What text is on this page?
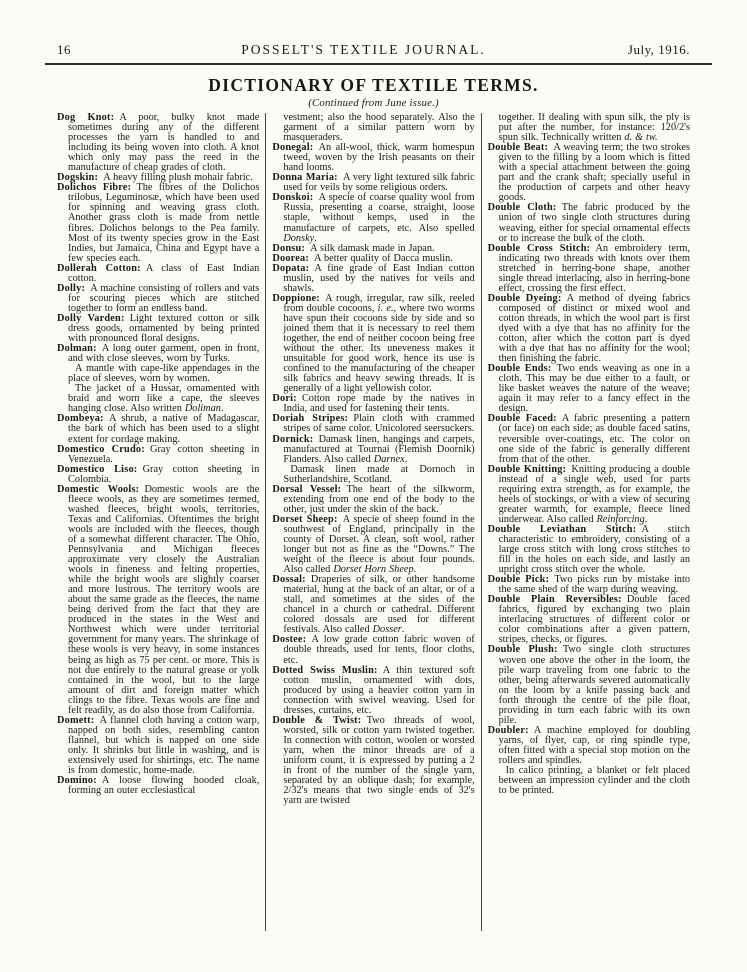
16	POSSELT'S TEXTILE JOURNAL.	July, 1916.
DICTIONARY OF TEXTILE TERMS.
(Continued from June issue.)

Dog Knot:  A poor, bulky knot made sometimes during any of the different processes the yarn is handled to and including its being woven into cloth. A knot which only may pass the reed in the manufacture of cheap grades of cloth.

Dogskin:  A heavy filling plush mohair fabric.

Dolichos Fibre:  The fibres of the Dolichos trilobus, Leguminosæ, which have been used for spinning and weaving grass cloth. Another grass cloth is made from nettle fibres. Dolichos belongs to the Pea family. Most of its twenty species grow in the East Indies, but Jamaica, China and Egypt have a few species each.

Dollerah Cotton:  A class of East Indian cotton.

Dolly:  A machine consisting of rollers and vats for scouring pieces which are stitched together to form an endless band.

Dolly Varden:  Light textured cotton or silk dress goods, ornamented by being printed with pronounced floral designs.

Dolman:  A long outer garment, open in front, and with close sleeves, worn by Turks.

A mantle with cape-like appendages in the place of sleeves, worn by women.

The jacket of a Hussar, ornamented with braid and worn like a cape, the sleeves hanging close. Also written Doliman.

Dombeya:  A shrub, a native of Madagascar, the bark of which has been used to a slight extent for cordage making.

Domestico Crudo:  Gray cotton sheeting in Venezuela.

Domestico Liso:  Gray cotton sheeting in Colombia.

Domestic Wools:  Domestic wools are the fleece wools, as they are sometimes termed, washed fleeces, bright wools, territories, Texas and Californias. Oftentimes the bright wools are included with the fleeces, though of a somewhat different character. The Ohio, Pennsylvania and Michigan fleeces approximate very closely the Australian wools in fineness and felting properties, while the bright wools are slightly coarser and more lustrous. The territory wools are about the same grade as the fleeces, the name being derived from the fact that they are produced in the states in the West and Northwest which were under territorial government for many years. The shrinkage of these wools is very heavy, in some instances being as high as 75 per cent. or more. This is not due entirely to the natural grease or yolk contained in the wool, but to the large amount of dirt and foreign matter which clings to the fibre. Texas wools are fine and felt readily, as do also those from California.

Domett:  A flannel cloth having a cotton warp, napped on both sides, resembling canton flannel, but which is napped on one side only. It shrinks but little in washing, and is extensively used for shirtings, etc. The name is from domestic, home-made.

Domino:  A loose flowing hooded cloak, forming an outer ecclesiastical

vestment; also the hood separately. Also the garment of a similar pattern worn by masqueraders.

Donegal:  An all-wool, thick, warm homespun tweed, woven by the Irish peasants on their hand looms.

Donna Maria:  A very light textured silk fabric used for veils by some religious orders.

Donskoi:  A specie of coarse quality wool from Russia, presenting a coarse, straight, loose staple, without kemps, used in the manufacture of carpets, etc. Also spelled Donsky.

Donsu:  A silk damask made in Japan.

Doorea:  A better quality of Dacca muslin.

Dopata:  A fine grade of East Indian cotton muslin, used by the natives for veils and shawls.

Doppione:  A rough, irregular, raw silk, reeled from double cocoons, i. e., where two worms have spun their cocoons side by side and so joined them that it is necessary to reel them together, the end of neither cocoon being free without the other. Its uneveness makes it unsuitable for good work, hence its use is confined to the manufacturing of the cheaper silk fabrics and heavy sewing threads. It is generally of a light yellowish color.

Dori:  Cotton rope made by the natives in India, and used for fastening their tents.

Doriah Stripes:  Plain cloth with crammed stripes of same color. Unicolored seersuckers.

Dornick:  Damask linen, hangings and carpets, manufactured at Tournai (Flemish Doornik) Flanders. Also called Darnex.

Damask linen made at Dornoch in Sutherlandshire, Scotland.

Dorsal Vessel:  The heart of the silkworm, extending from one end of the body to the other, just under the skin of the back.

Dorset Sheep:  A specie of sheep found in the southwest of England, principally in the county of Dorset. A clean, soft wool, rather longer but not as fine as the “Downs.” The weight of the fleece is about four pounds. Also called Dorset Horn Sheep.

Dossal:  Draperies of silk, or other handsome material, hung at the back of an altar, or of a stall, and sometimes at the sides of the chancel in a church or cathedral. Different colored dossals are used for different festivals. Also called Dosser.

Dostee:  A low grade cotton fabric woven of double threads, used for tents, floor cloths, etc.

Dotted Swiss Muslin:  A thin textured soft cotton muslin, ornamented with dots, produced by using a heavier cotton yarn in connection with swivel weaving. Used for dresses, curtains, etc.

Double & Twist:  Two threads of wool, worsted, silk or cotton yarn twisted together. In connection with cotton, woolen or worsted yarn, when the minor threads are of a uniform count, it is expressed by putting a 2 in front of the number of the single yarn, separated by an oblique dash; for example, 2/32's means that two single ends of 32's yarn are twisted

together. If dealing with spun silk, the ply is put after the number, for instance: 120/2's spun silk. Technically written d. & tw.

Double Beat:  A weaving term; the two strokes given to the filling by a loom which is fitted with a special attachment between the going part and the crank shaft; specially useful in the production of carpets and other heavy goods.

Double Cloth:  The fabric produced by the union of two single cloth structures during weaving, either for special ornamental effects or to increase the bulk of the cloth.

Double Cross Stitch:  An embroidery term, indicating two threads with knots over them stretched in herring-bone shape, another single thread interlacing, also in herring-bone effect, crossing the first effect.

Double Dyeing:  A method of dyeing fabrics composed of distinct or mixed wool and cotton threads, in which the wool part is first dyed with a dye that has no affinity for the cotton, after which the cotton part is dyed with a dye that has no affinity for the wool; then finishing the fabric.

Double Ends:  Two ends weaving as one in a cloth. This may be due either to a fault, or like basket weaves the nature of the weave; again it may refer to a fancy effect in the design.

Double Faced:  A fabric presenting a pattern (or face) on each side; as double faced satins, reversible over-coatings, etc. The color on one side of the fabric is generally different from that of the other.

Double Knitting:  Knitting producing a double instead of a single web, used for parts requiring extra strength, as for example, the heels of stockings, or with a view of securing greater warmth, for example, fleece lined underwear. Also called Reinforcing.

Double Leviathan Stitch:  A stitch characteristic to embroidery, consisting of a large cross stitch with long cross stitches to fill in the holes on each side, and lastly an upright cross stitch over the whole.

Double Pick:  Two picks run by mistake into the same shed of the warp during weaving.

Double Plain Reversibles:  Double faced fabrics, figured by exchanging two plain interlacing structures of different color or color combinations after a given pattern, stripes, checks, or figures.

Double Plush:  Two single cloth structures woven one above the other in the loom, the pile warp traveling from one fabric to the other, being afterwards severed automatically on the loom by a knife passing back and forth through the centre of the pile float, providing in turn each fabric with its own pile.

Doubler:  A machine employed for doubling yarns, of flyer, cap, or ring spindle type, often fitted with a special stop motion on the rollers and spindles.

In calico printing, a blanket or felt placed between an impression cylinder and the cloth to be printed.
